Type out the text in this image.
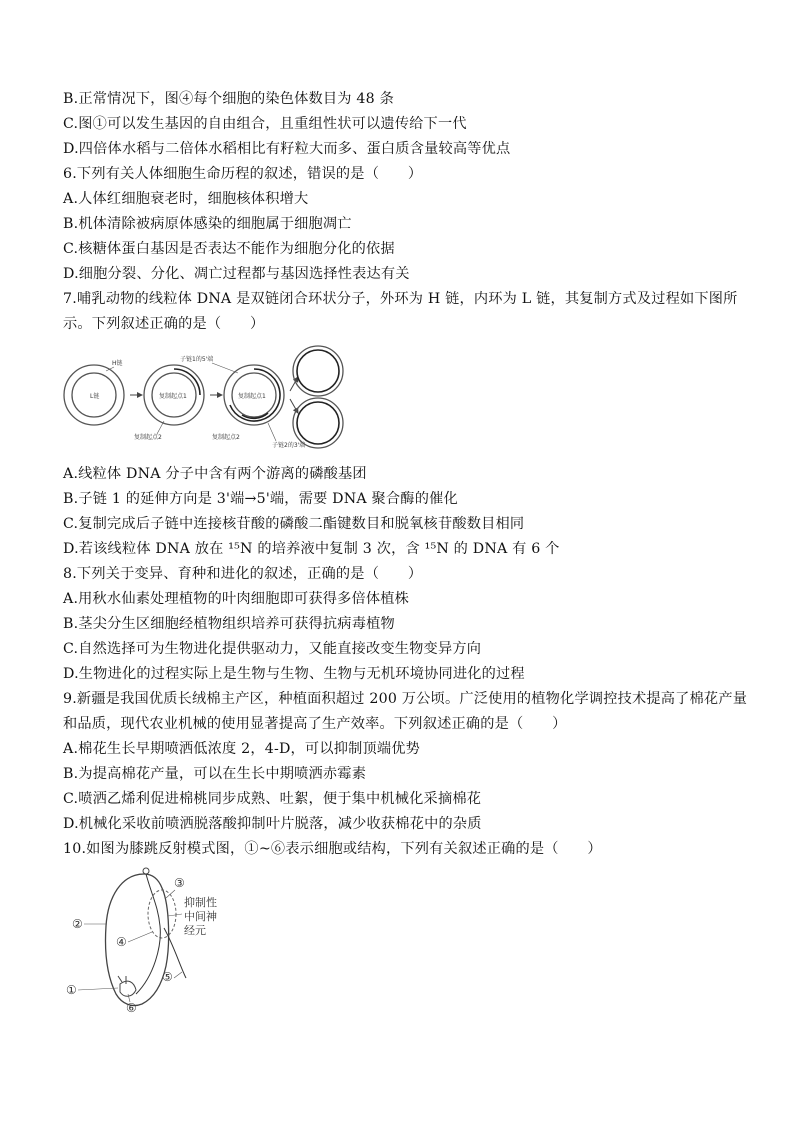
B.正常情况下，图④每个细胞的染色体数目为 48 条
C.图①可以发生基因的自由组合，且重组性状可以遗传给下一代
D.四倍体水稻与二倍体水稻相比有籽粒大而多、蛋白质含量较高等优点
6.下列有关人体细胞生命历程的叙述，错误的是（　　）
A.人体红细胞衰老时，细胞核体积增大
B.机体清除被病原体感染的细胞属于细胞凋亡
C.核糖体蛋白基因是否表达不能作为细胞分化的依据
D.细胞分裂、分化、凋亡过程都与基因选择性表达有关
7.哺乳动物的线粒体 DNA 是双链闭合环状分子，外环为 H 链，内环为 L 链，其复制方式及过程如下图所
示。下列叙述正确的是（　　）
L链
H链
复制起点1
复制起点2
复制起点1
子链1的5'端
复制起点2
子链2的3'端
A.线粒体 DNA 分子中含有两个游离的磷酸基团
B.子链 1 的延伸方向是 3'端→5'端，需要 DNA 聚合酶的催化
C.复制完成后子链中连接核苷酸的磷酸二酯键数目和脱氧核苷酸数目相同
D.若该线粒体 DNA 放在 ¹⁵N 的培养液中复制 3 次，含 ¹⁵N 的 DNA 有 6 个
8.下列关于变异、育种和进化的叙述，正确的是（　　）
A.用秋水仙素处理植物的叶肉细胞即可获得多倍体植株
B.茎尖分生区细胞经植物组织培养可获得抗病毒植物
C.自然选择可为生物进化提供驱动力，又能直接改变生物变异方向
D.生物进化的过程实际上是生物与生物、生物与无机环境协同进化的过程
9.新疆是我国优质长绒棉主产区，种植面积超过 200 万公顷。广泛使用的植物化学调控技术提高了棉花产量
和品质，现代农业机械的使用显著提高了生产效率。下列叙述正确的是（　　）
A.棉花生长早期喷洒低浓度 2，4-D，可以抑制顶端优势
B.为提高棉花产量，可以在生长中期喷洒赤霉素
C.喷洒乙烯利促进棉桃同步成熟、吐絮，便于集中机械化采摘棉花
D.机械化采收前喷洒脱落酸抑制叶片脱落，减少收获棉花中的杂质
10.如图为膝跳反射模式图，①~⑥表示细胞或结构，下列有关叙述正确的是（　　）
③
②
④
⑤
①
⑥
抑制性
中间神
经元
